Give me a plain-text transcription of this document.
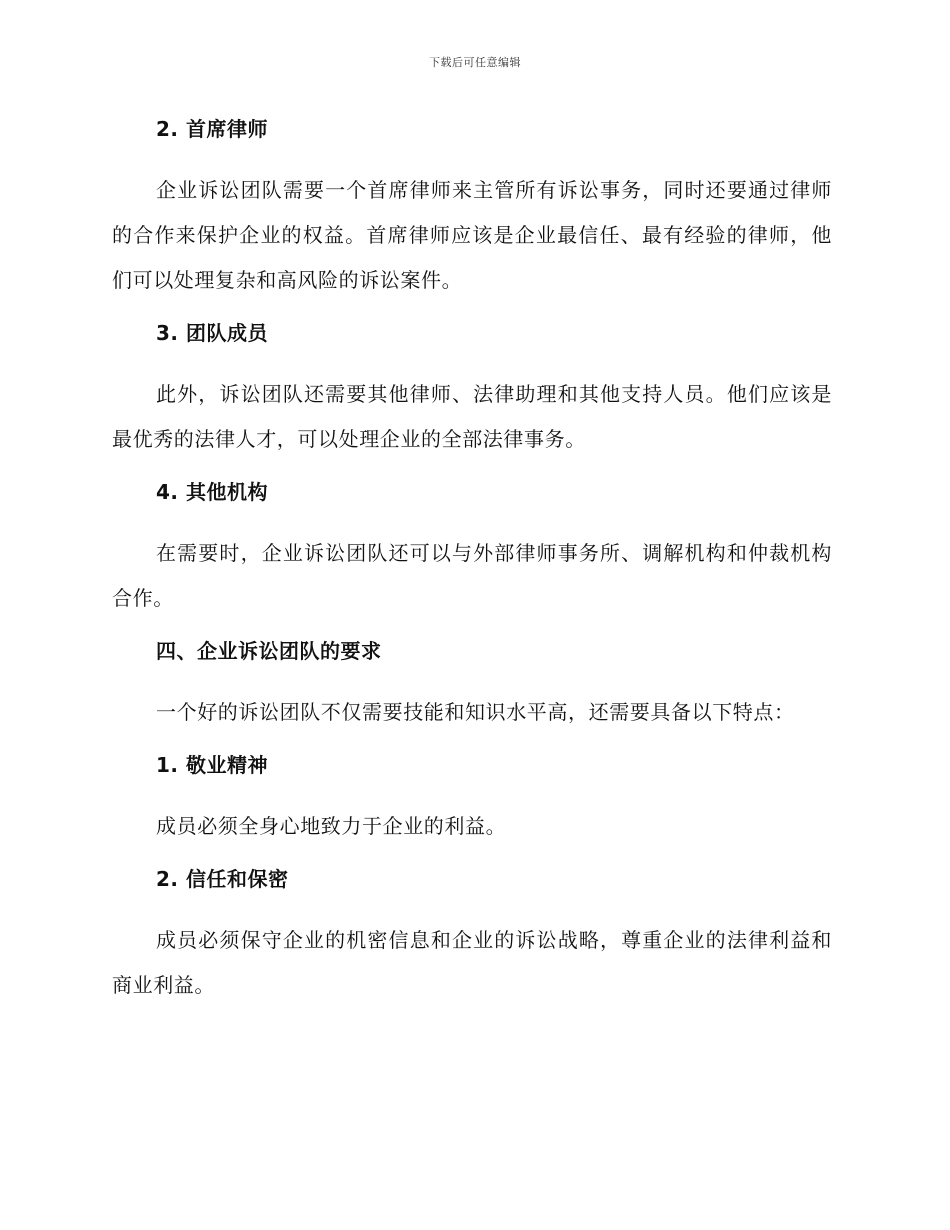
下载后可任意编辑
2. 首席律师

企业诉讼团队需要一个首席律师来主管所有诉讼事务，同时还要通过律师的合作来保护企业的权益。首席律师应该是企业最信任、最有经验的律师，他们可以处理复杂和高风险的诉讼案件。

3. 团队成员

此外，诉讼团队还需要其他律师、法律助理和其他支持人员。他们应该是最优秀的法律人才，可以处理企业的全部法律事务。

4. 其他机构

在需要时，企业诉讼团队还可以与外部律师事务所、调解机构和仲裁机构合作。

四、企业诉讼团队的要求

一个好的诉讼团队不仅需要技能和知识水平高，还需要具备以下特点：

1. 敬业精神

成员必须全身心地致力于企业的利益。

2. 信任和保密

成员必须保守企业的机密信息和企业的诉讼战略，尊重企业的法律利益和商业利益。
